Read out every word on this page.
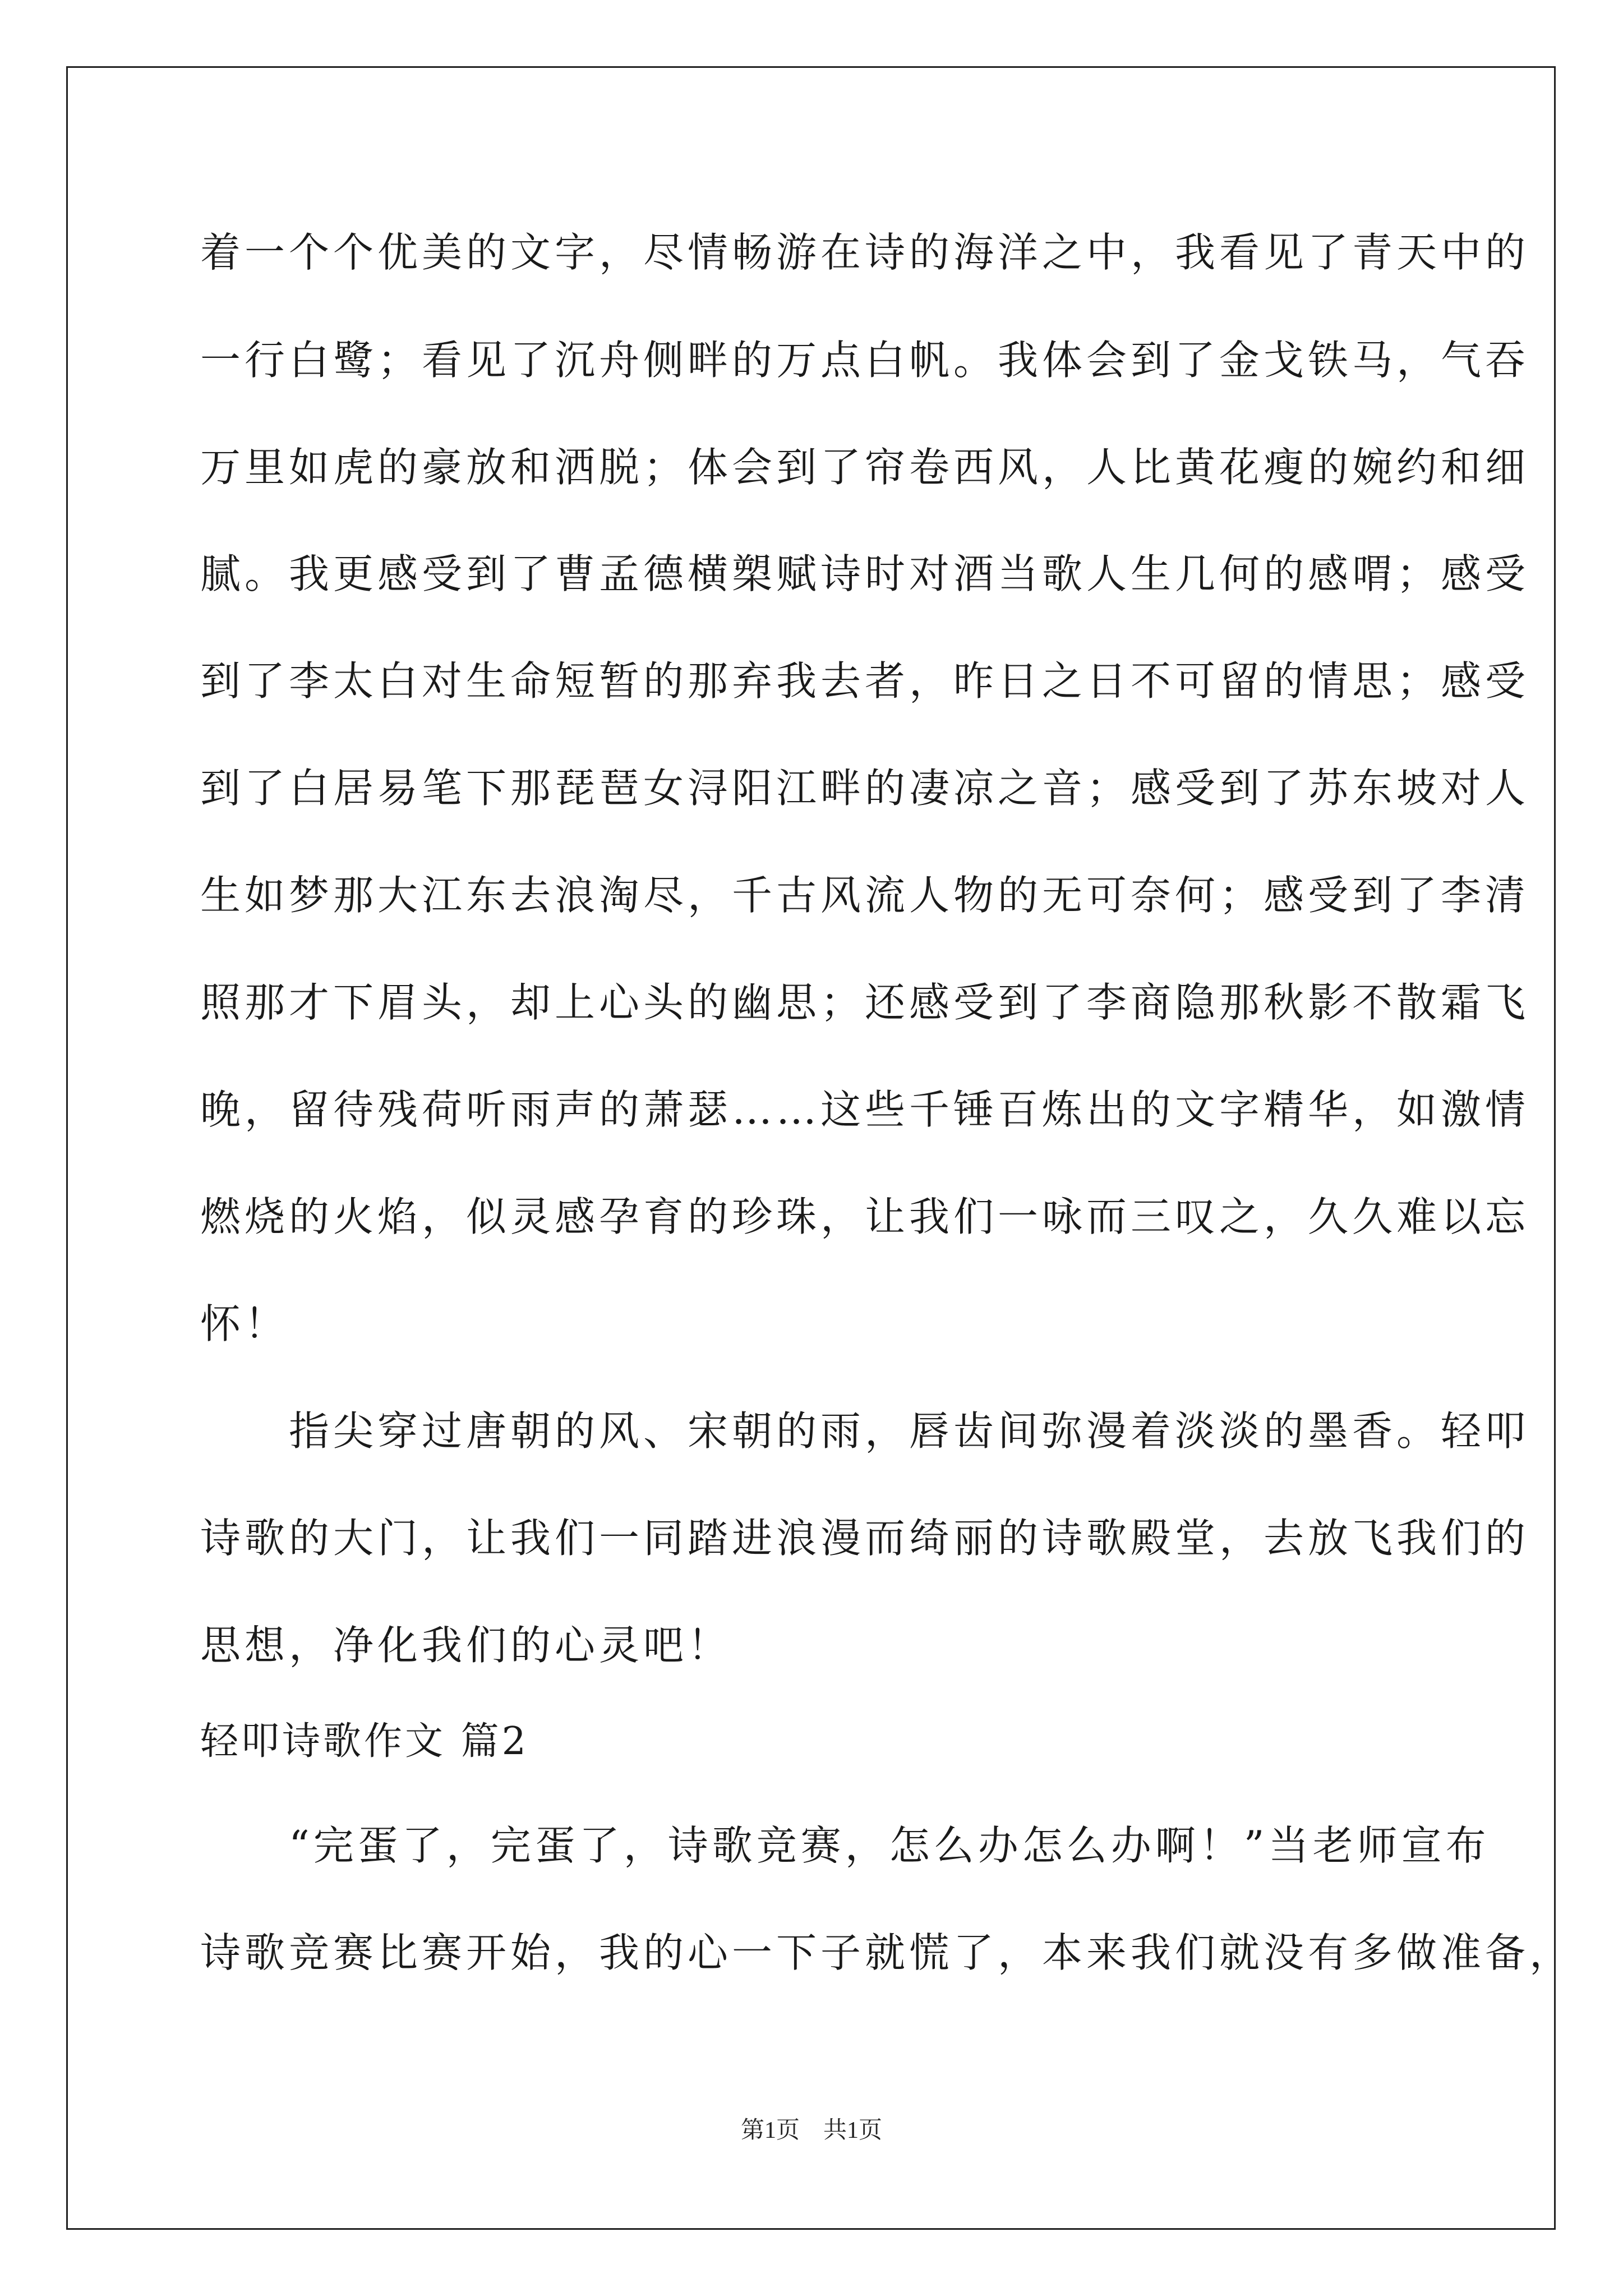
着一个个优美的文字，尽情畅游在诗的海洋之中，我看见了青天中的
一行白鹭；看见了沉舟侧畔的万点白帆。我体会到了金戈铁马，气吞
万里如虎的豪放和洒脱；体会到了帘卷西风，人比黄花瘦的婉约和细
腻。我更感受到了曹孟德横槊赋诗时对酒当歌人生几何的感喟；感受
到了李太白对生命短暂的那弃我去者，昨日之日不可留的情思；感受
到了白居易笔下那琵琶女浔阳江畔的凄凉之音；感受到了苏东坡对人
生如梦那大江东去浪淘尽，千古风流人物的无可奈何；感受到了李清
照那才下眉头，却上心头的幽思；还感受到了李商隐那秋影不散霜飞
晚，留待残荷听雨声的萧瑟……这些千锤百炼出的文字精华，如激情
燃烧的火焰，似灵感孕育的珍珠，让我们一咏而三叹之，久久难以忘
怀！
　　指尖穿过唐朝的风、宋朝的雨，唇齿间弥漫着淡淡的墨香。轻叩
诗歌的大门，让我们一同踏进浪漫而绮丽的诗歌殿堂，去放飞我们的
思想，净化我们的心灵吧！
轻叩诗歌作文 篇2
　　“完蛋了，完蛋了，诗歌竞赛，怎么办怎么办啊！”当老师宣布
诗歌竞赛比赛开始，我的心一下子就慌了，本来我们就没有多做准备，
第1页　共1页
